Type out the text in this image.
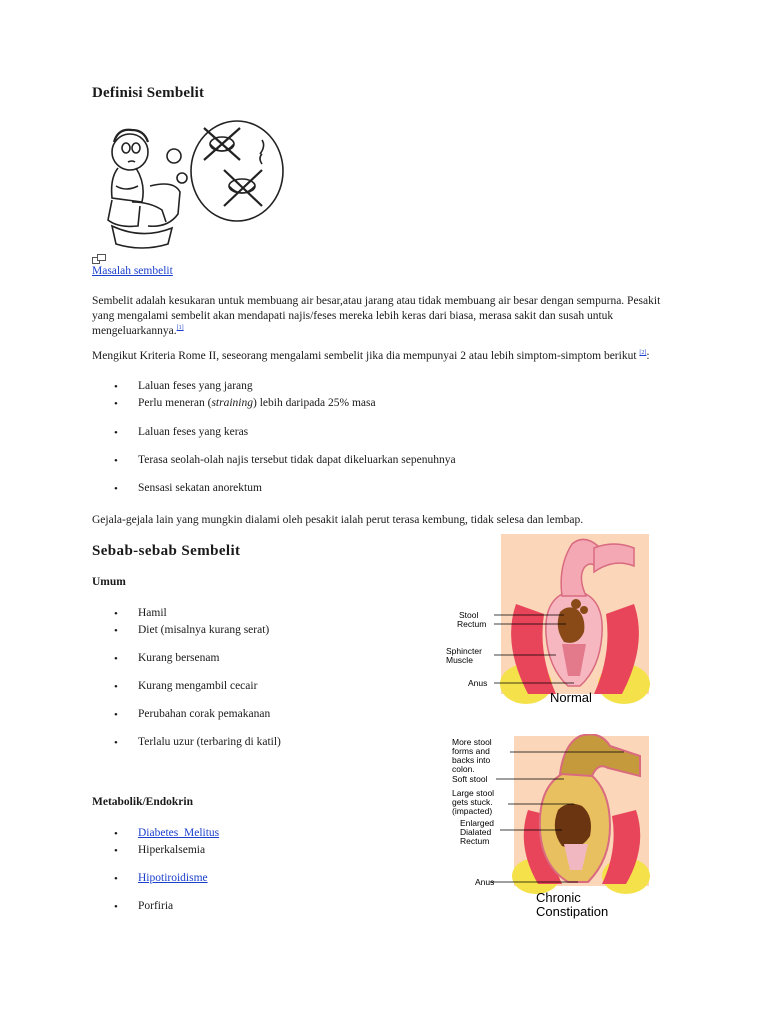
Definisi Sembelit
Masalah sembelit

Sembelit adalah kesukaran untuk membuang air besar,atau jarang atau tidak membuang air besar dengan sempurna. Pesakit yang mengalami sembelit akan mendapati najis/feses mereka lebih keras dari biasa, merasa sakit dan susah untuk mengeluarkannya.[1]

Mengikut Kriteria Rome II, seseorang mengalami sembelit jika dia mempunyai 2 atau lebih simptom-simptom berikut [2]:

• Laluan feses yang jarang
• Perlu meneran (straining) lebih daripada 25% masa
• Laluan feses yang keras
• Terasa seolah-olah najis tersebut tidak dapat dikeluarkan sepenuhnya
• Sensasi sekatan anorektum

Gejala-gejala lain yang mungkin dialami oleh pesakit ialah perut terasa kembung, tidak selesa dan lembap.

Sebab-sebab Sembelit
Umum
• Hamil
• Diet (misalnya kurang serat)
• Kurang bersenam
• Kurang mengambil cecair
• Perubahan corak pemakanan
• Terlalu uzur (terbaring di katil)
Metabolik/Endokrin
• Diabetes_Melitus
• Hiperkalsemia
• Hipotiroidisme
• Porfiria
Stool
Rectum
Sphincter
Muscle
Anus
Normal
More stool
forms and
backs into
colon.
Soft stool
Large stool
gets stuck.
(impacted)
Enlarged
Dialated
Rectum
Anus
Chronic
Constipation
